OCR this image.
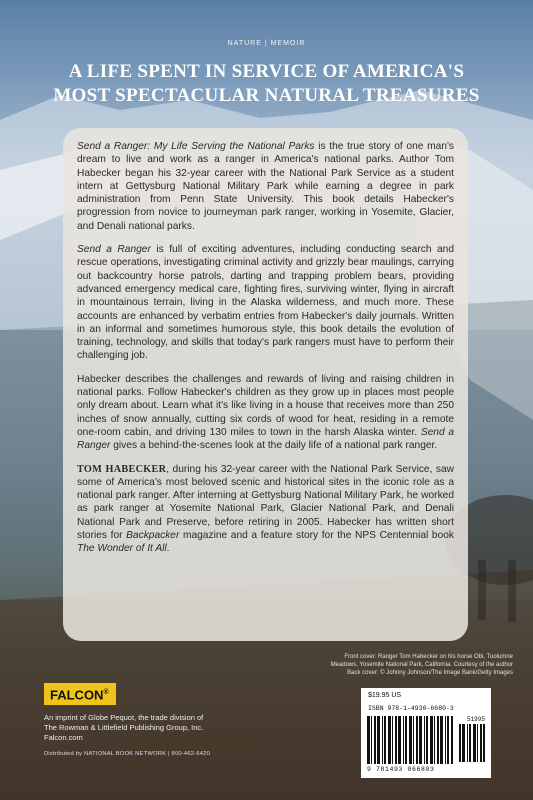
NATURE | MEMOIR
A LIFE SPENT IN SERVICE OF AMERICA'S
MOST SPECTACULAR NATURAL TREASURES

Send a Ranger: My Life Serving the National Parks is the true story of one man's dream to live and work as a ranger in America's national parks. Author Tom Habecker began his 32-year career with the National Park Service as a student intern at Gettysburg National Military Park while earning a degree in park administration from Penn State University. This book details Habecker's progression from novice to journeyman park ranger, working in Yosemite, Glacier, and Denali national parks.

Send a Ranger is full of exciting adventures, including conducting search and rescue operations, investigating criminal activity and grizzly bear maulings, carrying out backcountry horse patrols, darting and trapping problem bears, providing advanced emergency medical care, fighting fires, surviving winter, flying in aircraft in mountainous terrain, living in the Alaska wilderness, and much more. These accounts are enhanced by verbatim entries from Habecker's daily journals. Written in an informal and sometimes humorous style, this book details the evolution of training, technology, and skills that today's park rangers must have to perform their challenging job.

Habecker describes the challenges and rewards of living and raising children in national parks. Follow Habecker's children as they grow up in places most people only dream about. Learn what it's like living in a house that receives more than 250 inches of snow annually, cutting six cords of wood for heat, residing in a remote one-room cabin, and driving 130 miles to town in the harsh Alaska winter. Send a Ranger gives a behind-the-scenes look at the daily life of a national park ranger.

TOM HABECKER, during his 32-year career with the National Park Service, saw some of America's most beloved scenic and historical sites in the iconic role as a national park ranger. After interning at Gettysburg National Military Park, he worked as park ranger at Yosemite National Park, Glacier National Park, and Denali National Park and Preserve, before retiring in 2005. Habecker has written short stories for Backpacker magazine and a feature story for the NPS Centennial book The Wonder of It All.

Front cover: Ranger Tom Habecker on his horse Obi, Tuolumne
Meadows, Yosemite National Park, California. Courtesy of the author
Back cover: © Johnny Johnson/The Image Bank/Getty Images
FALCON®
An imprint of Globe Pequot, the trade division of
The Rowman & Littlefield Publishing Group, Inc.
Falcon.com
Distributed by NATIONAL BOOK NETWORK | 800-462-6420
$19.95 US
ISBN 978-1-4930-6680-3
51995
9 781493 066803
